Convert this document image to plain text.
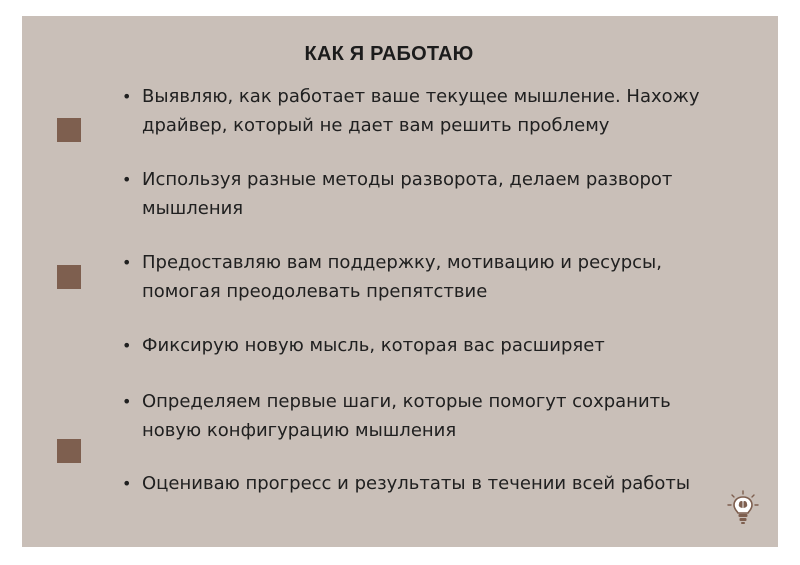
КАК Я РАБОТАЮ
• Выявляю, как работает ваше текущее мышление. Нахожу
драйвер, который не дает вам решить проблему
• Используя разные методы разворота, делаем разворот
мышления
• Предоставляю вам поддержку, мотивацию и ресурсы,
помогая преодолевать препятствие
• Фиксирую новую мысль, которая вас расширяет
• Определяем первые шаги, которые помогут сохранить
новую конфигурацию мышления
• Оцениваю прогресс и результаты в течении всей работы
